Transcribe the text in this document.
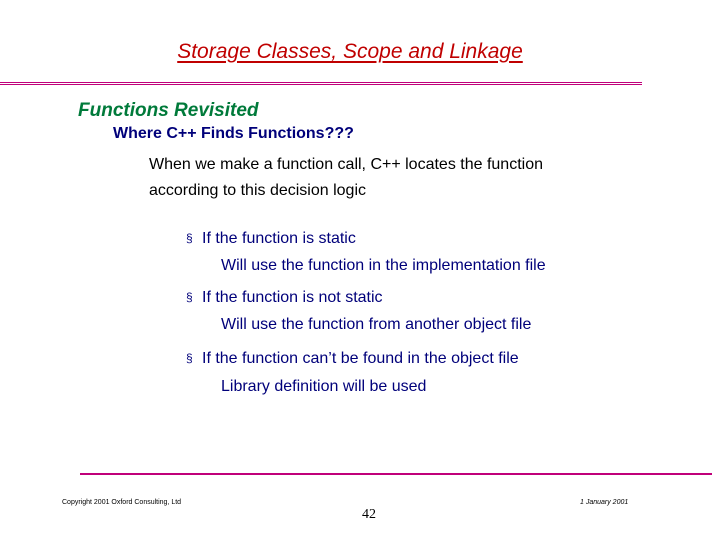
Storage Classes, Scope and Linkage
Functions Revisited
Where C++ Finds Functions???
When we make a function call, C++ locates the function
according to this decision logic
§ If the function is static
Will use the function in the implementation file
§ If the function is not static
Will use the function from another object file
§ If the function can’t be found in the object file
Library definition will be used
Copyright 2001 Oxford Consulting, Ltd	1 January 2001
42
